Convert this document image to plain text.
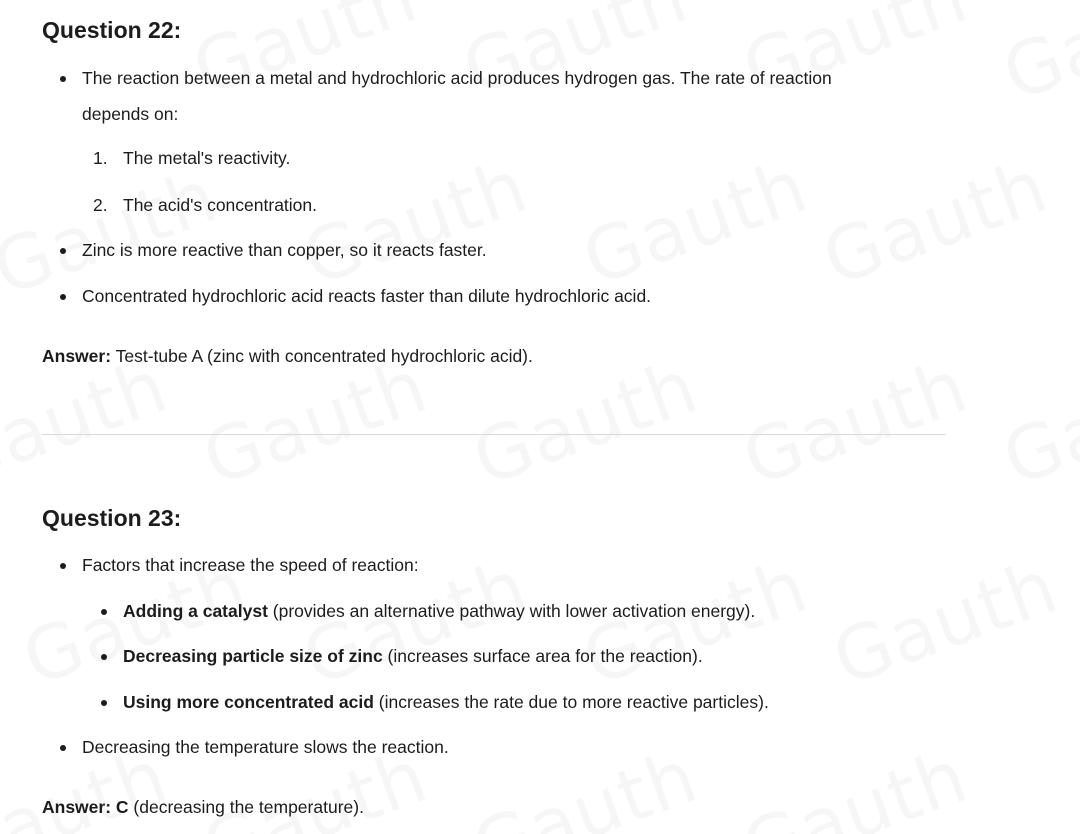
Question 22:
The reaction between a metal and hydrochloric acid produces hydrogen gas. The rate of reaction
depends on:
1. The metal's reactivity.
2. The acid's concentration.
Zinc is more reactive than copper, so it reacts faster.
Concentrated hydrochloric acid reacts faster than dilute hydrochloric acid.
Answer: Test-tube A (zinc with concentrated hydrochloric acid).
Question 23:
Factors that increase the speed of reaction:
Adding a catalyst (provides an alternative pathway with lower activation energy).
Decreasing particle size of zinc (increases surface area for the reaction).
Using more concentrated acid (increases the rate due to more reactive particles).
Decreasing the temperature slows the reaction.
Answer: C (decreasing the temperature).
